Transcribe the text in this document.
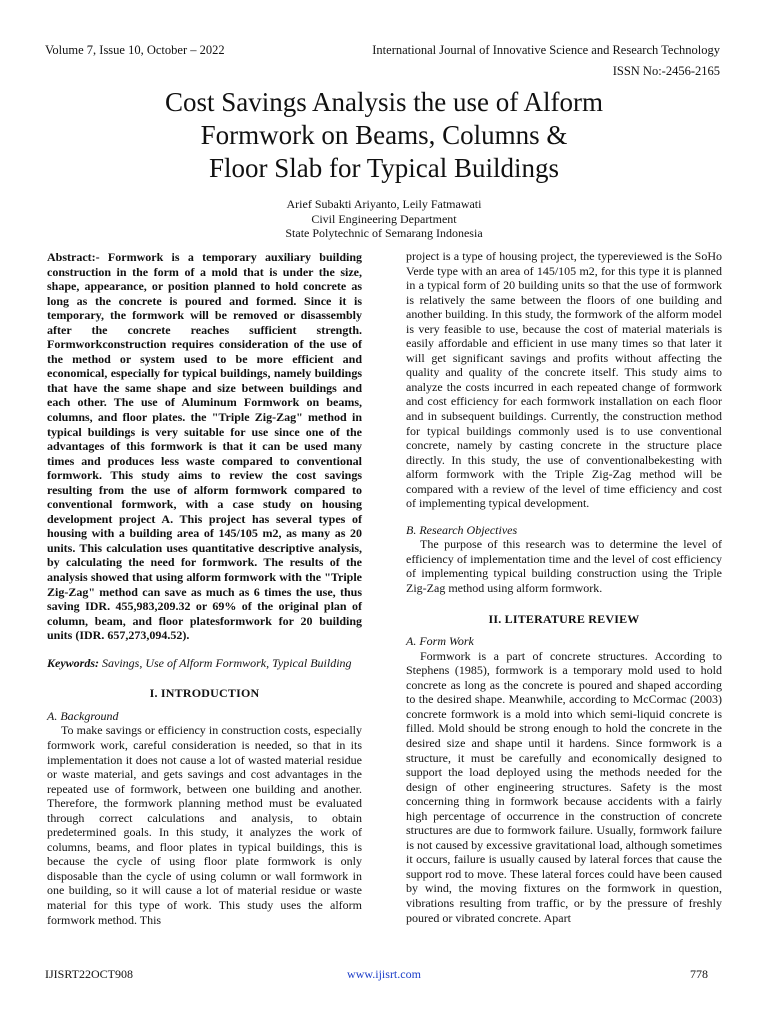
Volume 7, Issue 10, October – 2022	International Journal of Innovative Science and Research Technology
ISSN No:-2456-2165
Cost Savings Analysis the use of Alform
Formwork on Beams, Columns &
Floor Slab for Typical Buildings
Arief Subakti Ariyanto, Leily Fatmawati
Civil Engineering Department
State Polytechnic of Semarang Indonesia

Abstract:- Formwork is a temporary auxiliary building construction in the form of a mold that is under the size, shape, appearance, or position planned to hold concrete as long as the concrete is poured and formed. Since it is temporary, the formwork will be removed or disassembly after the concrete reaches sufficient strength. Formworkconstruction requires consideration of the use of the method or system used to be more efficient and economical, especially for typical buildings, namely buildings that have the same shape and size between buildings and each other. The use of Aluminum Formwork on beams, columns, and floor plates. the "Triple Zig-Zag" method in typical buildings is very suitable for use since one of the advantages of this formwork is that it can be used many times and produces less waste compared to conventional formwork. This study aims to review the cost savings resulting from the use of alform formwork compared to conventional formwork, with a case study on housing development project A. This project has several types of housing with a building area of 145/105 m2, as many as 20 units. This calculation uses quantitative descriptive analysis, by calculating the need for formwork. The results of the analysis showed that using alform formwork with the "Triple Zig-Zag" method can save as much as 6 times the use, thus saving IDR. 455,983,209.32 or 69% of the original plan of column, beam, and floor platesformwork for 20 building units (IDR. 657,273,094.52).

Keywords: Savings, Use of Alform Formwork, Typical Building

I. INTRODUCTION
A. Background

To make savings or efficiency in construction costs, especially formwork work, careful consideration is needed, so that in its implementation it does not cause a lot of wasted material residue or waste material, and gets savings and cost advantages in the repeated use of formwork, between one building and another. Therefore, the formwork planning method must be evaluated through correct calculations and analysis, to obtain predetermined goals. In this study, it analyzes the work of columns, beams, and floor plates in typical buildings, this is because the cycle of using floor plate formwork is only disposable than the cycle of using column or wall formwork in one building, so it will cause a lot of material residue or waste material for this type of work. This study uses the alform formwork method. This

project is a type of housing project, the typereviewed is the SoHo Verde type with an area of 145/105 m2, for this type it is planned in a typical form of 20 building units so that the use of formwork is relatively the same between the floors of one building and another building. In this study, the formwork of the alform model is very feasible to use, because the cost of material materials is easily affordable and efficient in use many times so that later it will get significant savings and profits without affecting the quality and quality of the concrete itself. This study aims to analyze the costs incurred in each repeated change of formwork and cost efficiency for each formwork installation on each floor and in subsequent buildings. Currently, the construction method for typical buildings commonly used is to use conventional concrete, namely by casting concrete in the structure place directly. In this study, the use of conventionalbekesting with alform formwork with the Triple Zig-Zag method will be compared with a review of the level of time efficiency and cost of implementing typical development.

B. Research Objectives

The purpose of this research was to determine the level of efficiency of implementation time and the level of cost efficiency of implementing typical building construction using the Triple Zig-Zag method using alform formwork.

II. LITERATURE REVIEW
A. Form Work

Formwork is a part of concrete structures. According to Stephens (1985), formwork is a temporary mold used to hold concrete as long as the concrete is poured and shaped according to the desired shape. Meanwhile, according to McCormac (2003) concrete formwork is a mold into which semi-liquid concrete is filled. Mold should be strong enough to hold the concrete in the desired size and shape until it hardens. Since formwork is a structure, it must be carefully and economically designed to support the load deployed using the methods needed for the design of other engineering structures. Safety is the most concerning thing in formwork because accidents with a fairly high percentage of occurrence in the construction of concrete structures are due to formwork failure. Usually, formwork failure is not caused by excessive gravitational load, although sometimes it occurs, failure is usually caused by lateral forces that cause the support rod to move. These lateral forces could have been caused by wind, the moving fixtures on the formwork in question, vibrations resulting from traffic, or by the pressure of freshly poured or vibrated concrete. Apart

IJISRT22OCT908	www.ijisrt.com	778
